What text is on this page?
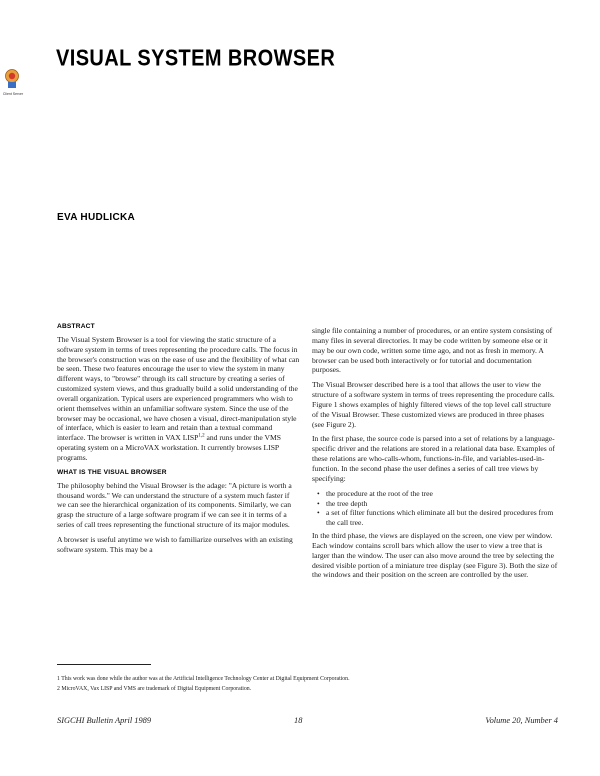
VISUAL SYSTEM BROWSER
Client Server
EVA HUDLICKA
ABSTRACT

The Visual System Browser is a tool for viewing the static structure of a software system in terms of trees representing the procedure calls. The focus in the browser's construction was on the ease of use and the flexibility of what can be seen. These two features encourage the user to view the system in many different ways, to "browse" through its call structure by creating a series of customized system views, and thus gradually build a solid understanding of the overall organization. Typical users are experienced programmers who wish to orient themselves within an unfamiliar software system. Since the use of the browser may be occasional, we have chosen a visual, direct-manipulation style of interface, which is easier to learn and retain than a textual command interface. The browser is written in VAX LISP$^{1,2}$ and runs under the VMS operating system on a MicroVAX workstation. It currently browses LISP programs.

WHAT IS THE VISUAL BROWSER

The philosophy behind the Visual Browser is the adage: "A picture is worth a thousand words." We can understand the structure of a system much faster if we can see the hierarchical organization of its components. Similarly, we can grasp the structure of a large software program if we can see it in terms of a series of call trees representing the functional structure of its major modules.

A browser is useful anytime we wish to familiarize ourselves with an existing software system. This may be a

single file containing a number of procedures, or an entire system consisting of many files in several directories. It may be code written by someone else or it may be our own code, written some time ago, and not as fresh in memory. A browser can be used both interactively or for tutorial and documentation purposes.

The Visual Browser described here is a tool that allows the user to view the structure of a software system in terms of trees representing the procedure calls. Figure 1 shows examples of highly filtered views of the top level call structure of the Visual Browser. These customized views are produced in three phases (see Figure 2).

In the first phase, the source code is parsed into a set of relations by a language-specific driver and the relations are stored in a relational data base. Examples of these relations are who-calls-whom, functions-in-file, and variables-used-in-function. In the second phase the user defines a series of call tree views by specifying:

• the procedure at the root of the tree
• the tree depth
• a set of filter functions which eliminate all but the desired procedures from the call tree.

In the third phase, the views are displayed on the screen, one view per window. Each window contains scroll bars which allow the user to view a tree that is larger than the window. The user can also move around the tree by selecting the desired visible portion of a miniature tree display (see Figure 3). Both the size of the windows and their position on the screen are controlled by the user.

1 This work was done while the author was at the Artificial Intelligence Technology Center at Digital Equipment Corporation.
2 MicroVAX, Vax LISP and VMS are trademark of Digital Equipment Corporation.
SIGCHI Bulletin April 1989	18	Volume 20, Number 4
